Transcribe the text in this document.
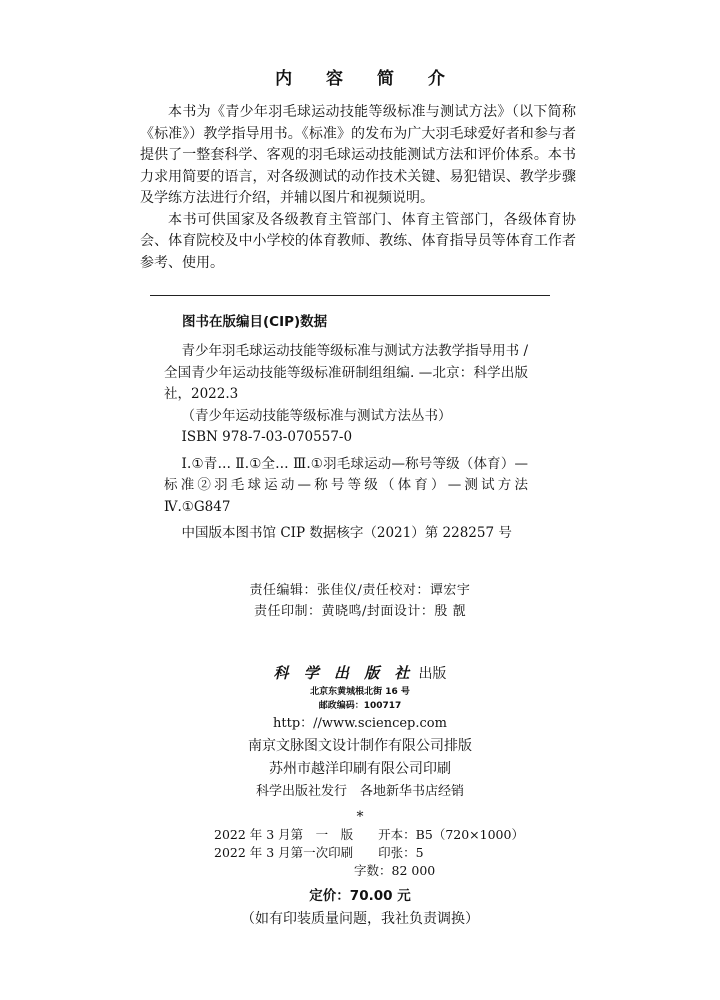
内 容 简 介

本书为《青少年羽毛球运动技能等级标准与测试方法》（以下简称《标准》）教学指导用书。《标准》的发布为广大羽毛球爱好者和参与者提供了一整套科学、客观的羽毛球运动技能测试方法和评价体系。本书力求用简要的语言，对各级测试的动作技术关键、易犯错误、教学步骤及学练方法进行介绍，并辅以图片和视频说明。

本书可供国家及各级教育主管部门、体育主管部门，各级体育协会、体育院校及中小学校的体育教师、教练、体育指导员等体育工作者参考、使用。

图书在版编目(CIP)数据
青少年羽毛球运动技能等级标准与测试方法教学指导用书 / 全国青少年运动技能等级标准研制组组编. —北京：科学出版社，2022.3
（青少年运动技能等级标准与测试方法丛书）
ISBN 978-7-03-070557-0
Ⅰ.①青… Ⅱ.①全… Ⅲ.①羽毛球运动—称号等级（体育）—标准②羽毛球运动—称号等级（体育）—测试方法 Ⅳ.①G847
中国版本图书馆 CIP 数据核字（2021）第 228257 号
责任编辑：张佳仪/责任校对：谭宏宇
责任印制：黄晓鸣/封面设计：殷 靓
科 学 出 版 社 出版
北京东黄城根北街 16 号
邮政编码：100717
http：//www.sciencep.com
南京文脉图文设计制作有限公司排版
苏州市越洋印刷有限公司印刷
科学出版社发行　各地新华书店经销
*
2022 年 3 月第　一　版　　开本：B5（720×1000）
2022 年 3 月第一次印刷　　印张：5
字数：82 000
定价：70.00 元
（如有印装质量问题，我社负责调换）
